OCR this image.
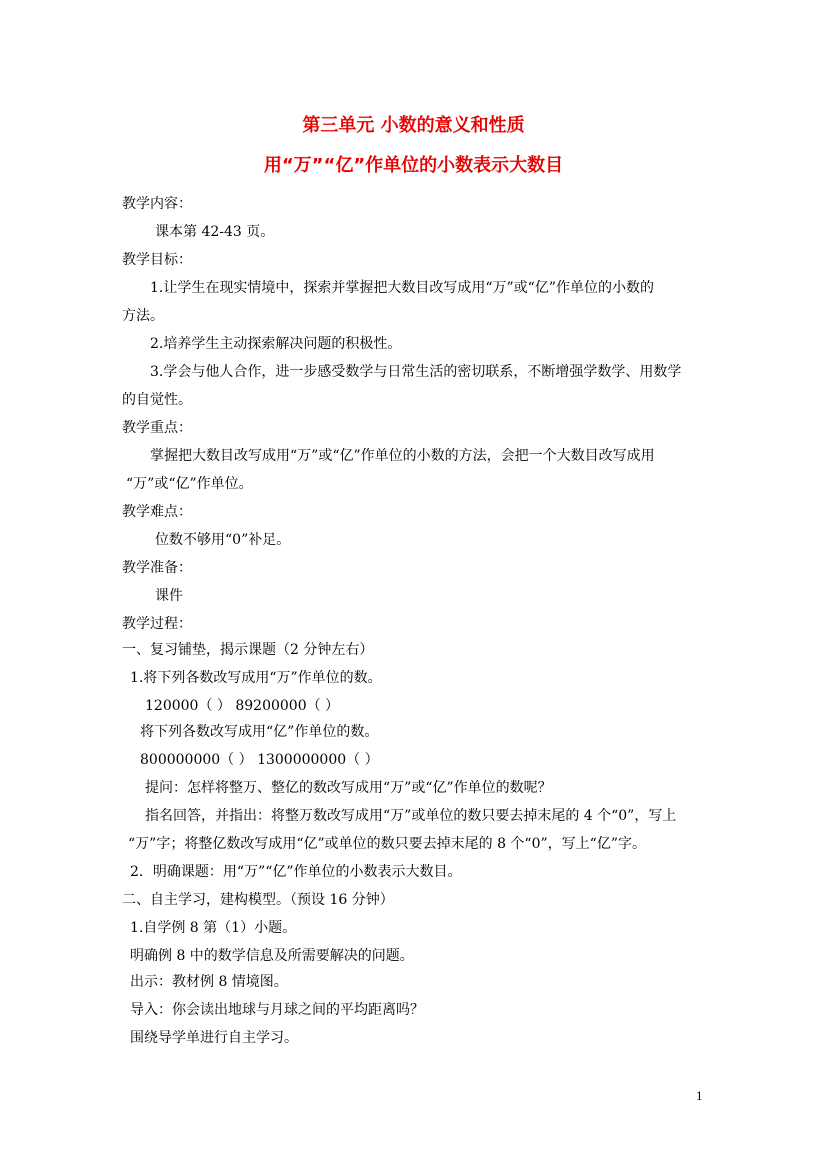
第三单元 小数的意义和性质
用“万”“亿”作单位的小数表示大数目
教学内容：
课本第 42-43 页。
教学目标：
1.让学生在现实情境中，探索并掌握把大数目改写成用“万”或“亿”作单位的小数的
方法。
2.培养学生主动探索解决问题的积极性。
3.学会与他人合作，进一步感受数学与日常生活的密切联系，不断增强学数学、用数学
的自觉性。
教学重点：
掌握把大数目改写成用“万”或“亿”作单位的小数的方法，会把一个大数目改写成用
“万”或“亿”作单位。
教学难点：
位数不够用“0”补足。
教学准备：
课件
教学过程：
一、复习铺垫，揭示课题（2 分钟左右）
1.将下列各数改写成用“万”作单位的数。
120000（ ） 89200000（ ）
将下列各数改写成用“亿”作单位的数。
800000000（ ） 1300000000（ ）
提问：怎样将整万、整亿的数改写成用“万”或“亿”作单位的数呢？
指名回答，并指出：将整万数改写成用“万”或单位的数只要去掉末尾的 4 个“0”，写上
“万”字；将整亿数改写成用“亿”或单位的数只要去掉末尾的 8 个“0”，写上“亿”字。
2．明确课题：用“万”“亿”作单位的小数表示大数目。
二、自主学习，建构模型。（预设 16 分钟）
1.自学例 8 第（1）小题。
明确例 8 中的数学信息及所需要解决的问题。
出示：教材例 8 情境图。
导入：你会读出地球与月球之间的平均距离吗？
围绕导学单进行自主学习。
1
